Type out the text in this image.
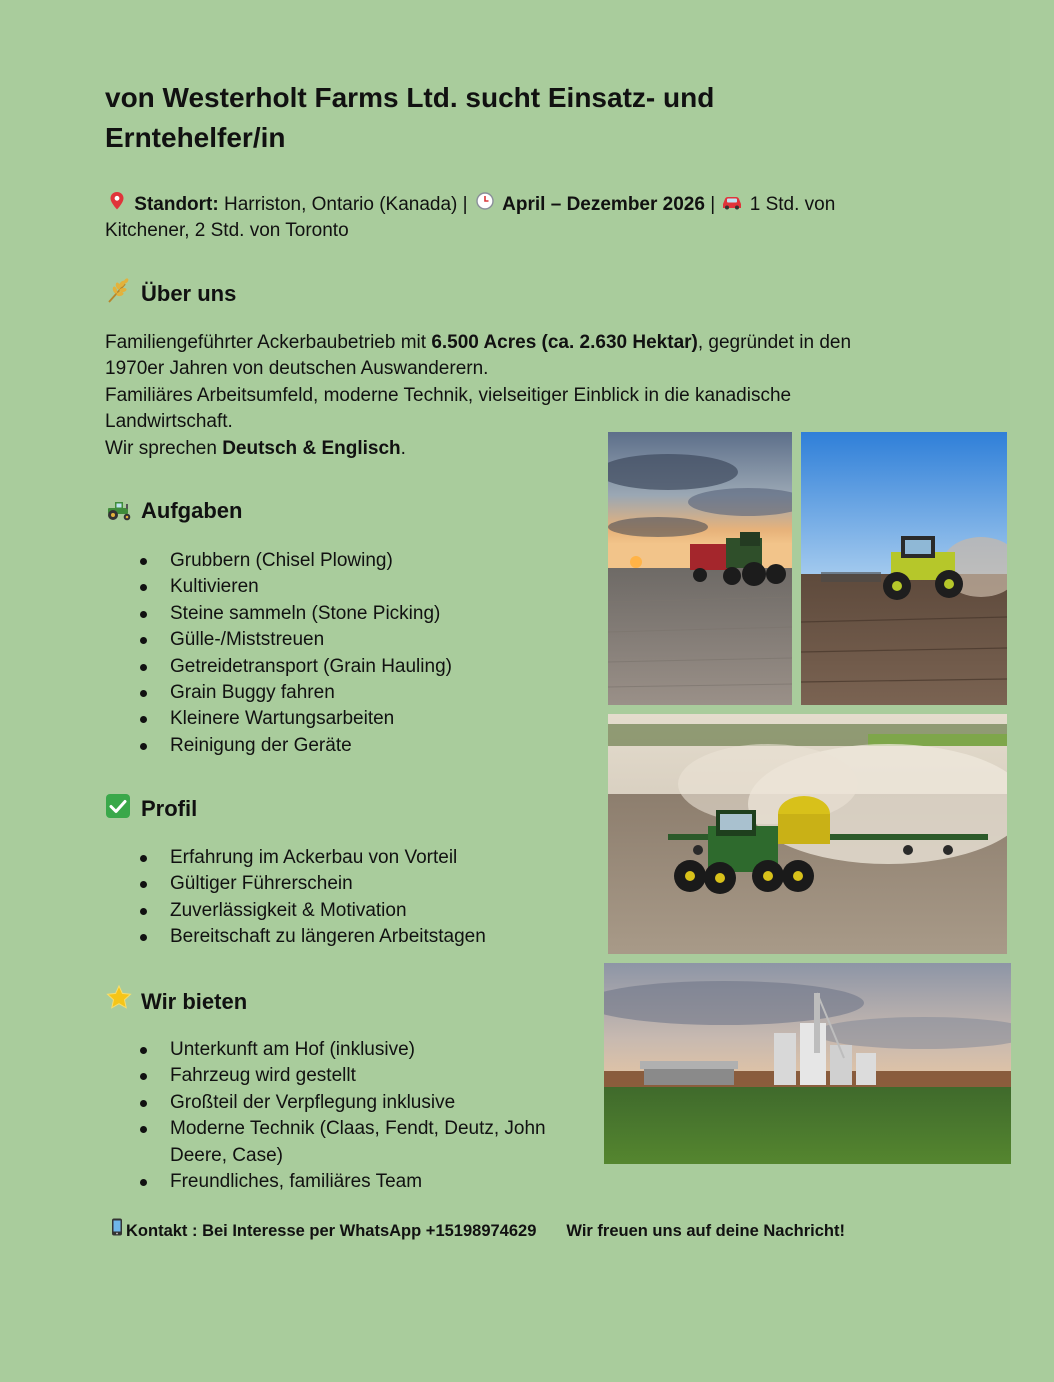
von Westerholt Farms Ltd. sucht Einsatz- und Erntehelfer/in

Standort: Harriston, Ontario (Kanada) | April – Dezember 2026 | 1 Std. von Kitchener, 2 Std. von Toronto

Über uns

Familiengeführter Ackerbaubetrieb mit 6.500 Acres (ca. 2.630 Hektar), gegründet in den 1970er Jahren von deutschen Auswanderern.

Familiäres Arbeitsumfeld, moderne Technik, vielseitiger Einblick in die kanadische Landwirtschaft.

Wir sprechen Deutsch & Englisch.

Aufgaben
Grubbern (Chisel Plowing)
Kultivieren
Steine sammeln (Stone Picking)
Gülle-/Miststreuen
Getreidetransport (Grain Hauling)
Grain Buggy fahren
Kleinere Wartungsarbeiten
Reinigung der Geräte
Profil
Erfahrung im Ackerbau von Vorteil
Gültiger Führerschein
Zuverlässigkeit & Motivation
Bereitschaft zu längeren Arbeitstagen
Wir bieten
Unterkunft am Hof (inklusive)
Fahrzeug wird gestellt
Großteil der Verpflegung inklusive
Moderne Technik (Claas, Fendt, Deutz, John Deere, Case)
Freundliches, familiäres Team

Kontakt : Bei Interesse per WhatsApp +15198974629 Wir freuen uns auf deine Nachricht!
